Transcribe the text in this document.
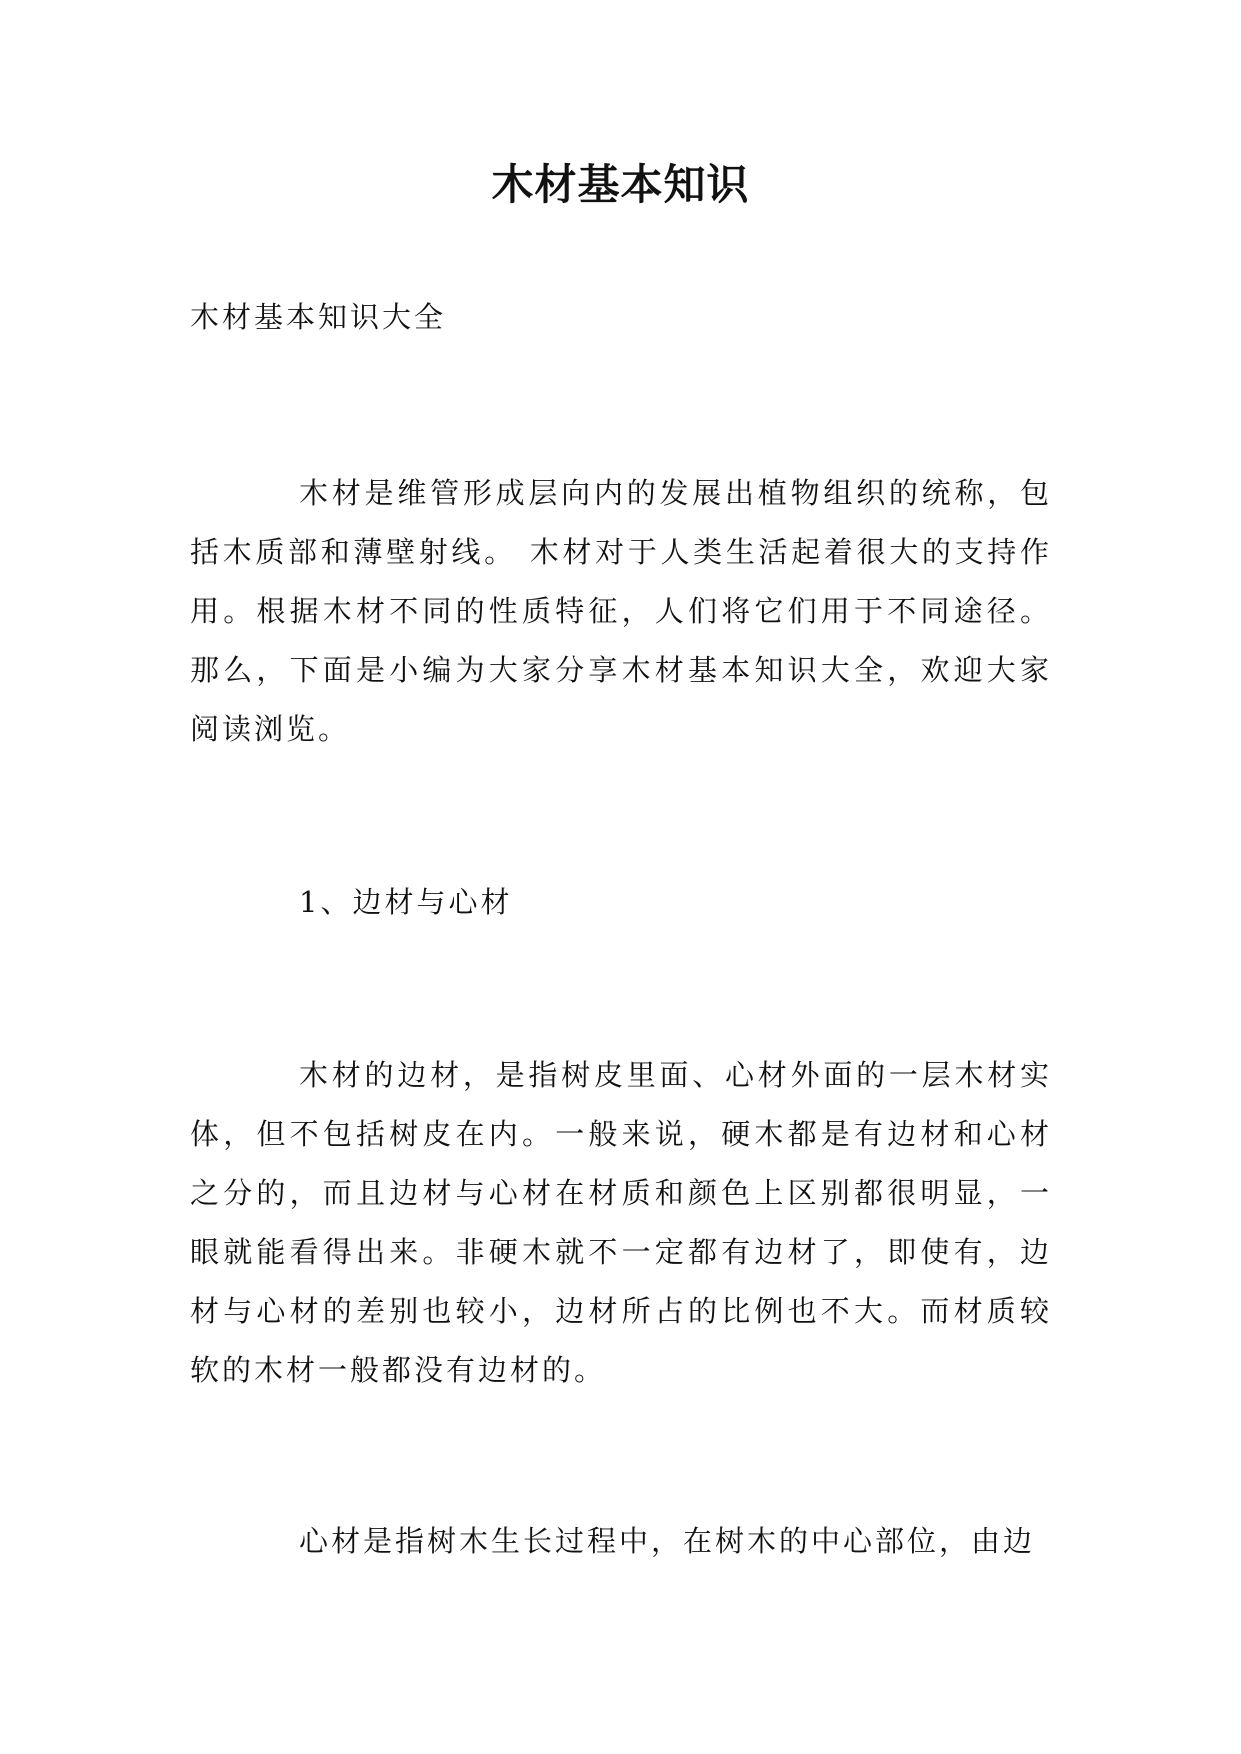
木材基本知识

木材基本知识大全

木材是维管形成层向内的发展出植物组织的统称，包括木质部和薄壁射线。 木材对于人类生活起着很大的支持作用。根据木材不同的性质特征，人们将它们用于不同途径。那么，下面是小编为大家分享木材基本知识大全，欢迎大家阅读浏览。

1、边材与心材

木材的边材，是指树皮里面、心材外面的一层木材实体，但不包括树皮在内。一般来说，硬木都是有边材和心材之分的，而且边材与心材在材质和颜色上区别都很明显，一眼就能看得出来。非硬木就不一定都有边材了，即使有，边材与心材的差别也较小，边材所占的比例也不大。而材质较软的木材一般都没有边材的。

心材是指树木生长过程中，在树木的中心部位，由边
